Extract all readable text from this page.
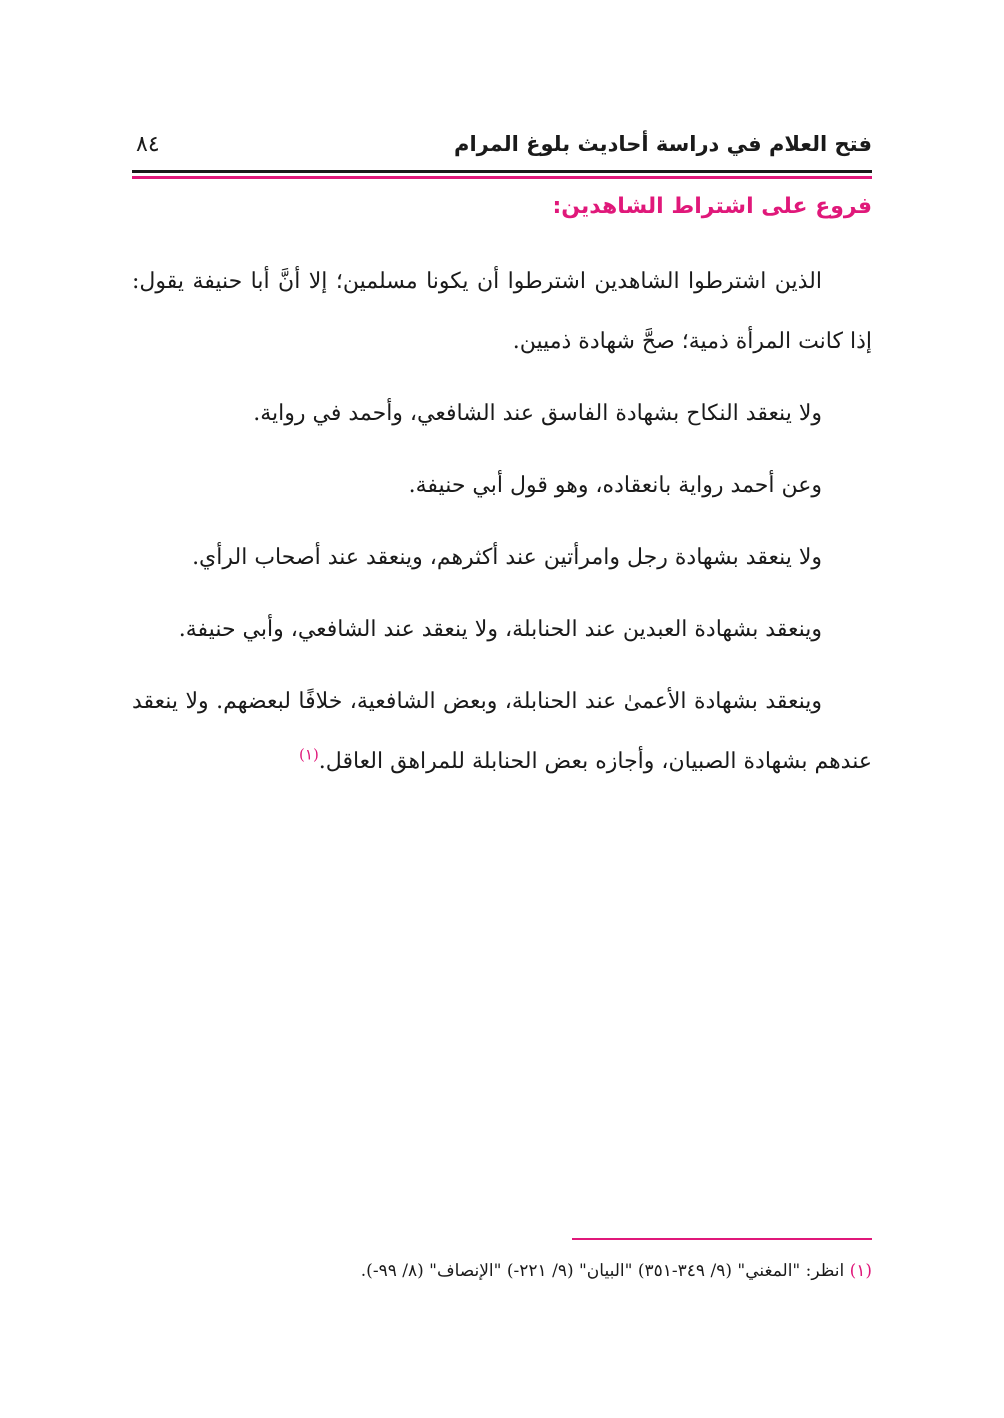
فتح العلام في دراسة أحاديث بلوغ المرام
٨٤
فروع على اشتراط الشاهدين:

الذين اشترطوا الشاهدين اشترطوا أن يكونا مسلمين؛ إلا أنَّ أبا حنيفة يقول: إذا كانت المرأة ذمية؛ صحَّ شهادة ذميين.

ولا ينعقد النكاح بشهادة الفاسق عند الشافعي، وأحمد في رواية.

وعن أحمد رواية بانعقاده، وهو قول أبي حنيفة.

ولا ينعقد بشهادة رجل وامرأتين عند أكثرهم، وينعقد عند أصحاب الرأي.

وينعقد بشهادة العبدين عند الحنابلة، ولا ينعقد عند الشافعي، وأبي حنيفة.

وينعقد بشهادة الأعمىٰ عند الحنابلة، وبعض الشافعية، خلافًا لبعضهم. ولا ينعقد عندهم بشهادة الصبيان، وأجازه بعض الحنابلة للمراهق العاقل.$^{(١)}$

(١) انظر: "المغني" (٩/ ٣٤٩-٣٥١) "البيان" (٩/ ٢٢١-) "الإنصاف" (٨/ ٩٩-).
